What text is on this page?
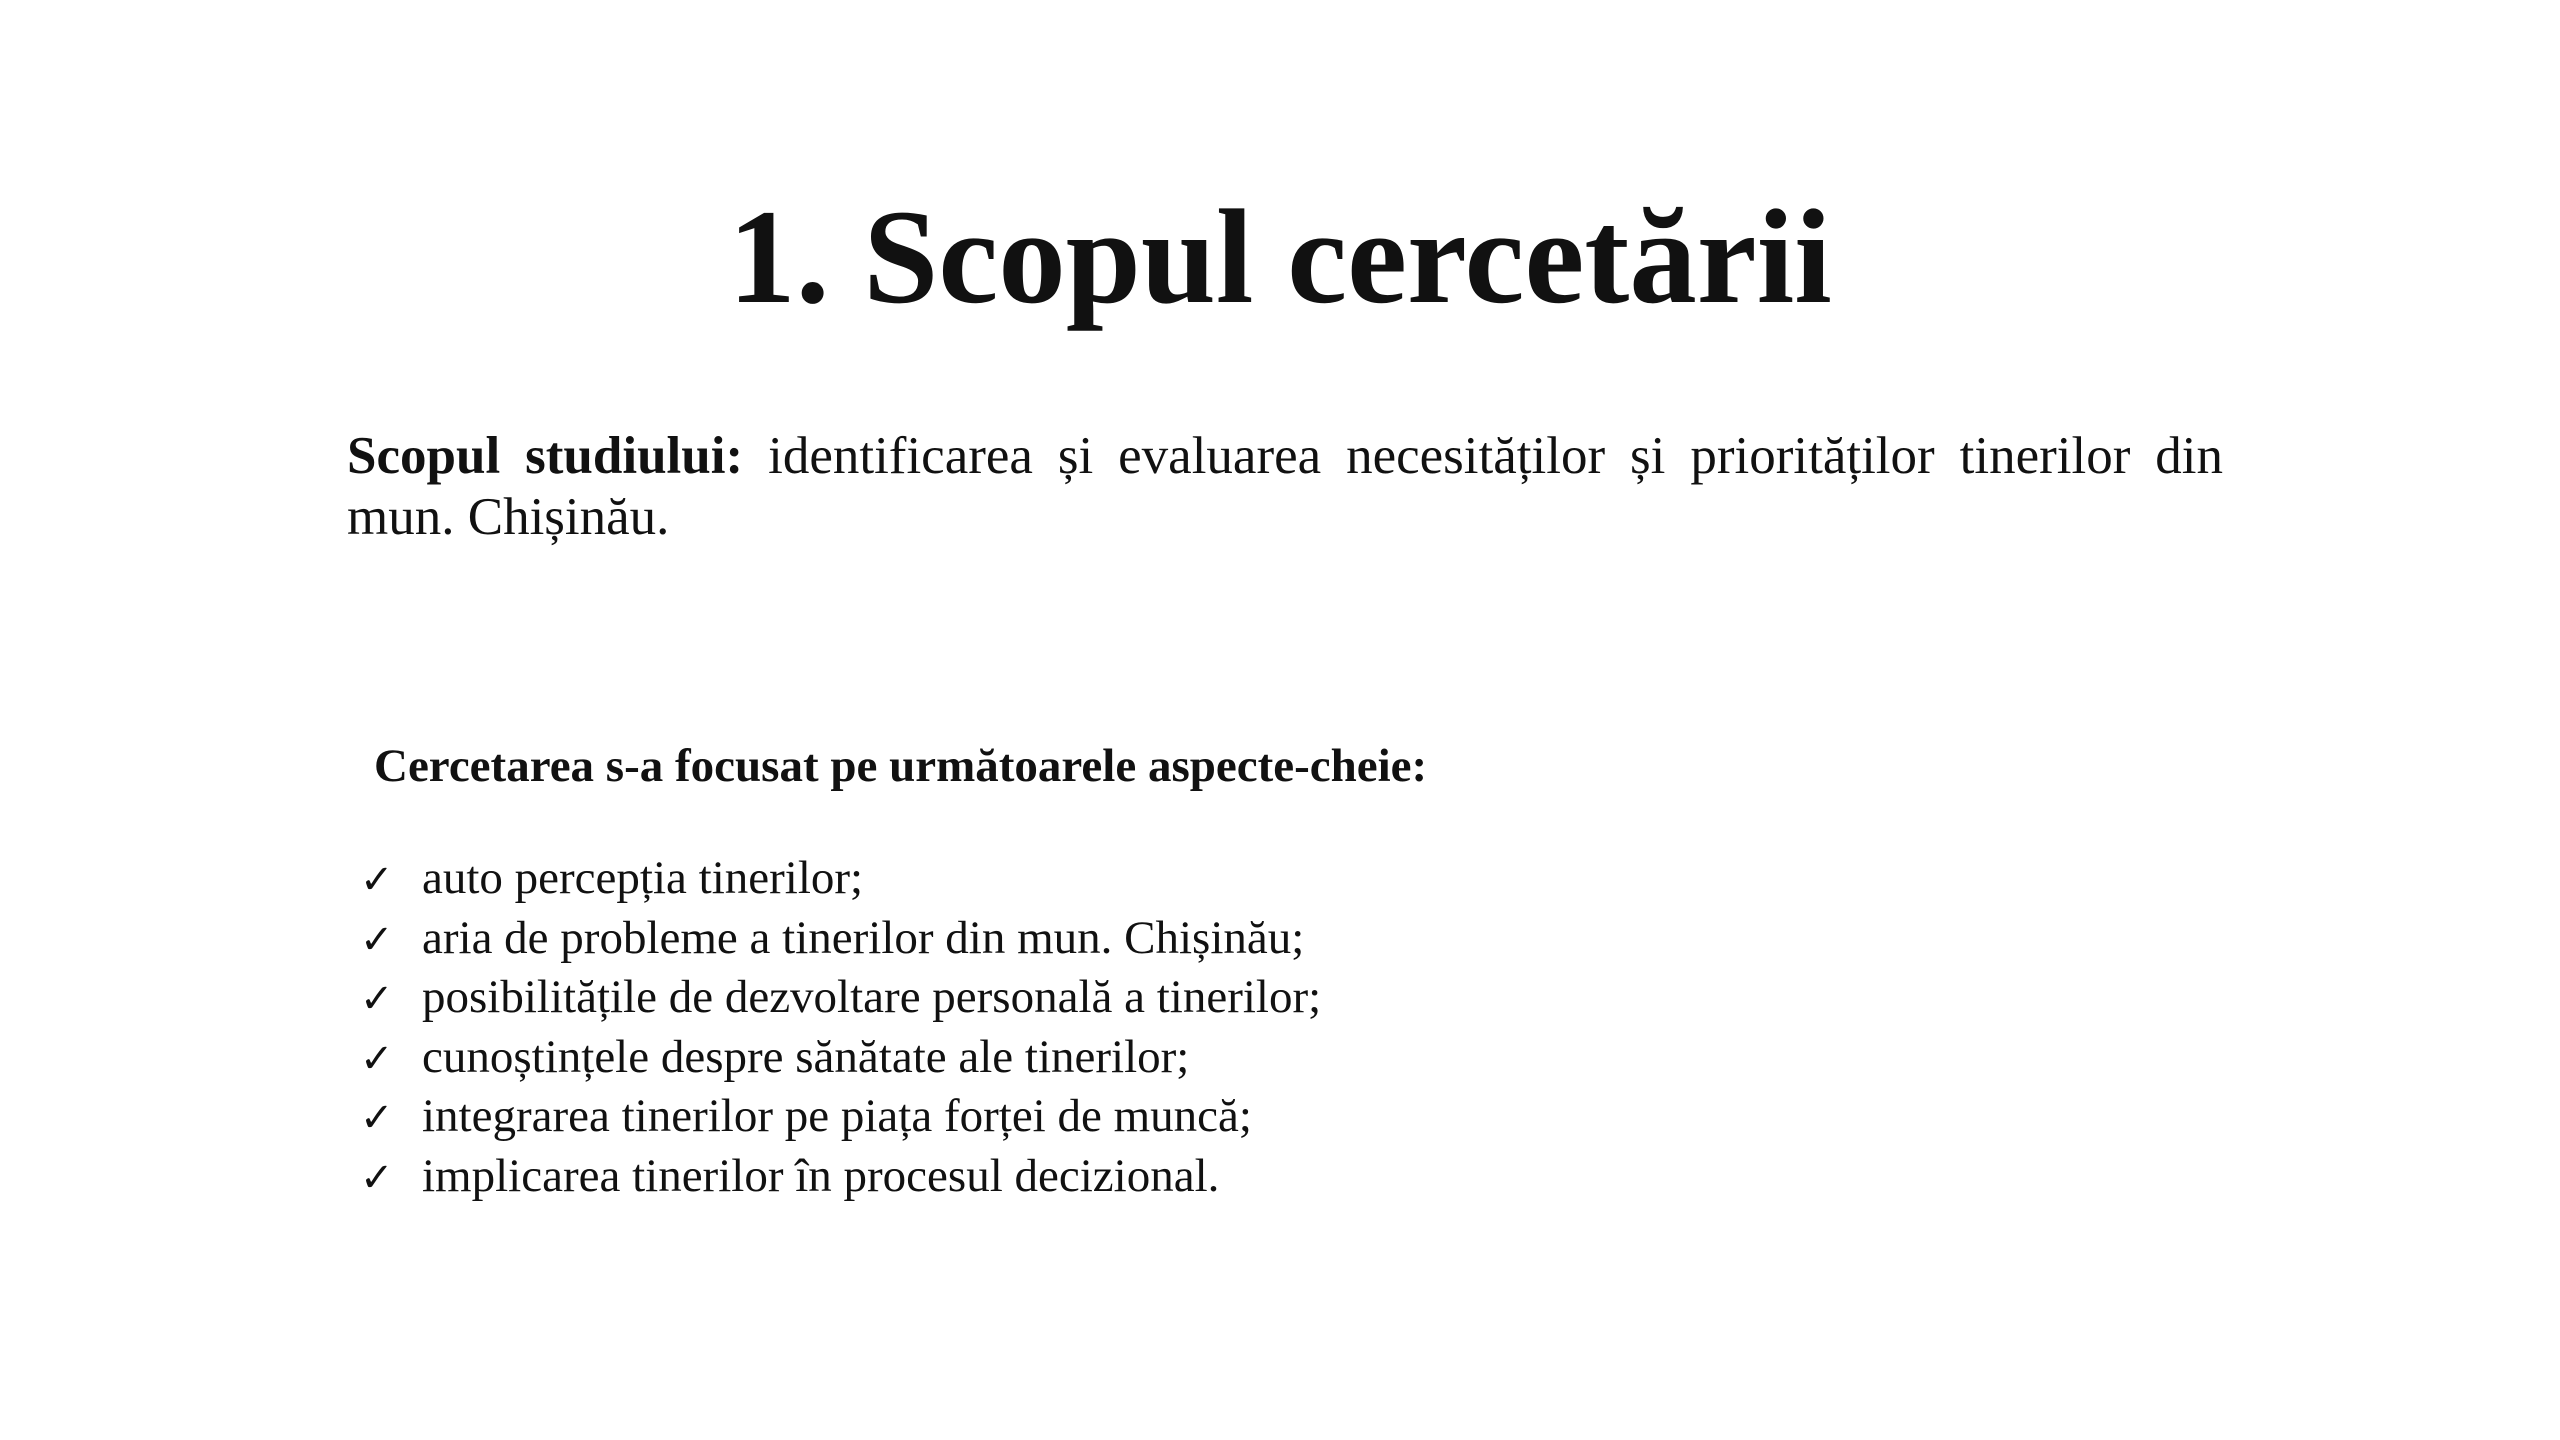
1. Scopul cercetării

Scopul studiului: identificarea și evaluarea necesităților și priorităților tinerilor din mun. Chișinău.

Cercetarea s-a focusat pe următoarele aspecte-cheie:

✓ auto percepția tinerilor;
✓ aria de probleme a tinerilor din mun. Chișinău;
✓ posibilitățile de dezvoltare personală a tinerilor;
✓ cunoștințele despre sănătate ale tinerilor;
✓ integrarea tinerilor pe piața forței de muncă;
✓ implicarea tinerilor în procesul decizional.
